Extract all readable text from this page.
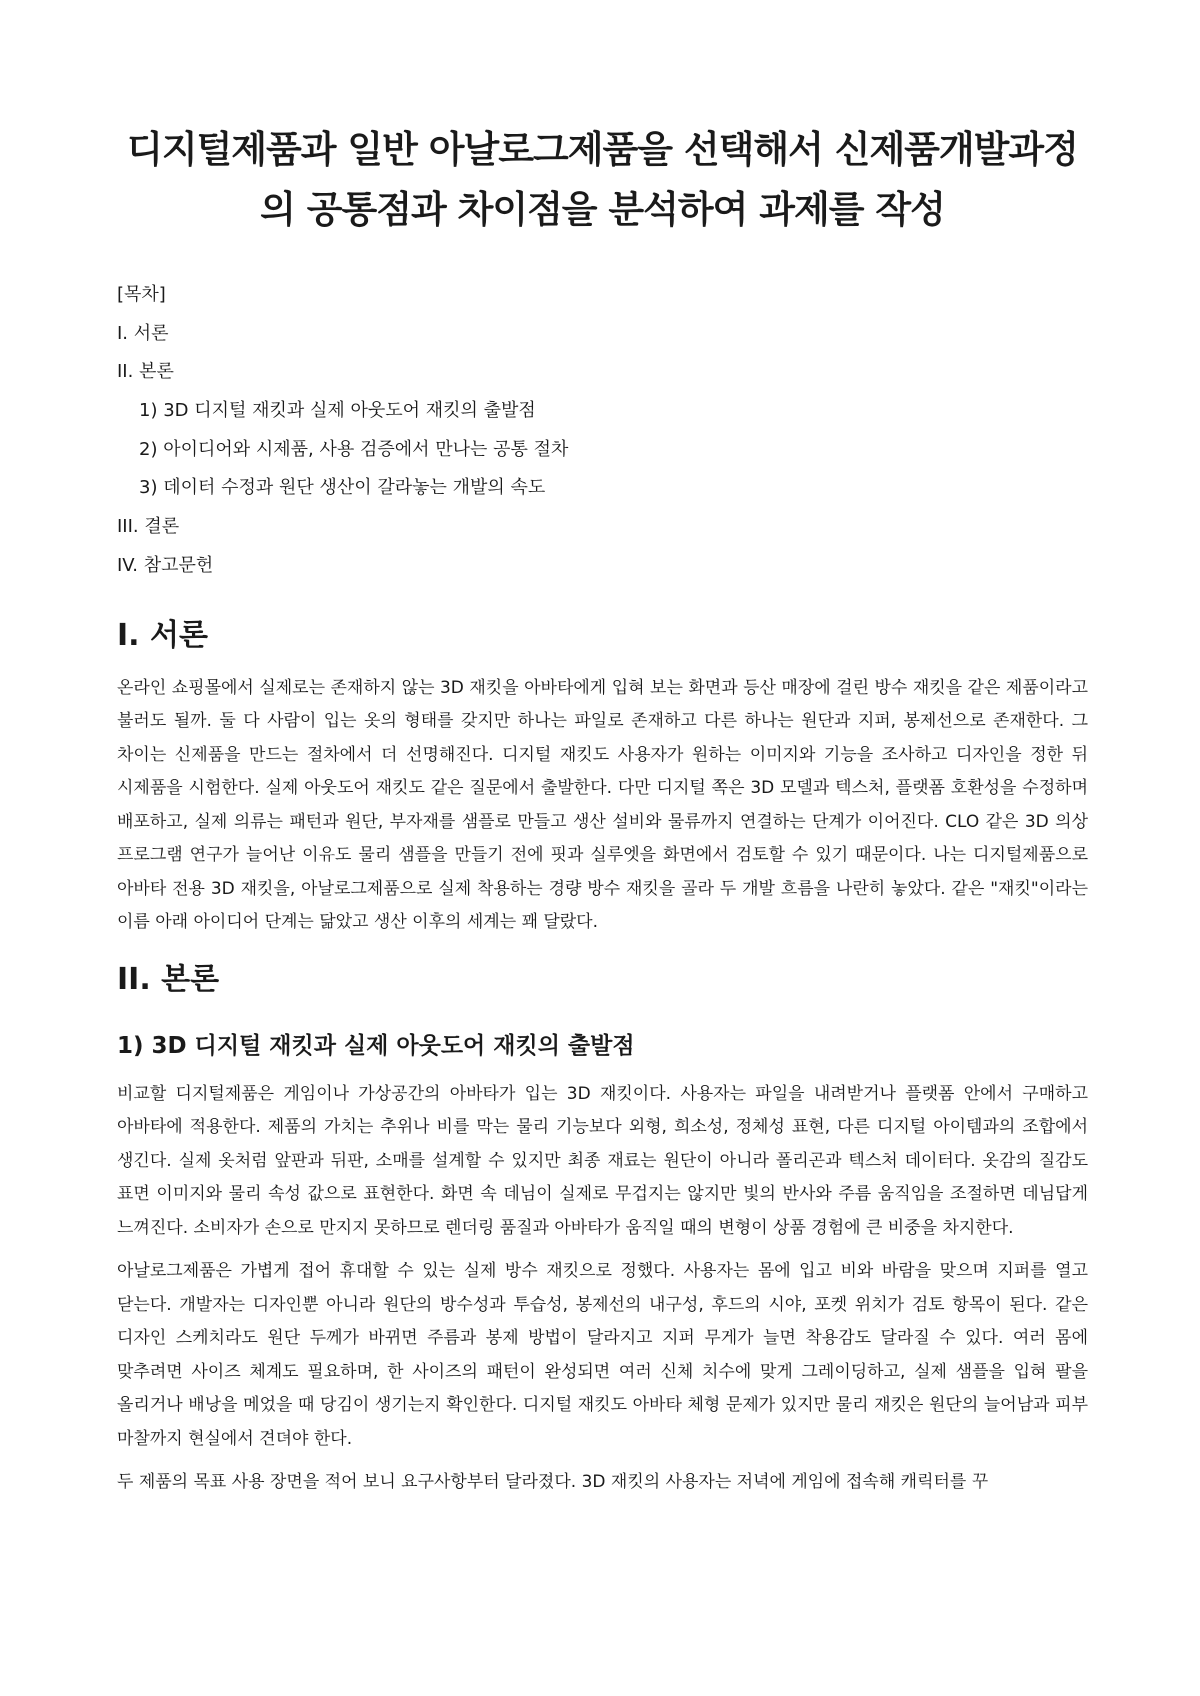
디지털제품과 일반 아날로그제품을 선택해서 신제품개발과정의 공통점과 차이점을 분석하여 과제를 작성
[목차]
I. 서론
II. 본론
1) 3D 디지털 재킷과 실제 아웃도어 재킷의 출발점
2) 아이디어와 시제품, 사용 검증에서 만나는 공통 절차
3) 데이터 수정과 원단 생산이 갈라놓는 개발의 속도
III. 결론
IV. 참고문헌
I. 서론

온라인 쇼핑몰에서 실제로는 존재하지 않는 3D 재킷을 아바타에게 입혀 보는 화면과 등산 매장에 걸린 방수 재킷을 같은 제품이라고 불러도 될까. 둘 다 사람이 입는 옷의 형태를 갖지만 하나는 파일로 존재하고 다른 하나는 원단과 지퍼, 봉제선으로 존재한다. 그 차이는 신제품을 만드는 절차에서 더 선명해진다. 디지털 재킷도 사용자가 원하는 이미지와 기능을 조사하고 디자인을 정한 뒤 시제품을 시험한다. 실제 아웃도어 재킷도 같은 질문에서 출발한다. 다만 디지털 쪽은 3D 모델과 텍스처, 플랫폼 호환성을 수정하며 배포하고, 실제 의류는 패턴과 원단, 부자재를 샘플로 만들고 생산 설비와 물류까지 연결하는 단계가 이어진다. CLO 같은 3D 의상 프로그램 연구가 늘어난 이유도 물리 샘플을 만들기 전에 핏과 실루엣을 화면에서 검토할 수 있기 때문이다. 나는 디지털제품으로 아바타 전용 3D 재킷을, 아날로그제품으로 실제 착용하는 경량 방수 재킷을 골라 두 개발 흐름을 나란히 놓았다. 같은 "재킷"이라는 이름 아래 아이디어 단계는 닮았고 생산 이후의 세계는 꽤 달랐다.

II. 본론
1) 3D 디지털 재킷과 실제 아웃도어 재킷의 출발점

비교할 디지털제품은 게임이나 가상공간의 아바타가 입는 3D 재킷이다. 사용자는 파일을 내려받거나 플랫폼 안에서 구매하고 아바타에 적용한다. 제품의 가치는 추위나 비를 막는 물리 기능보다 외형, 희소성, 정체성 표현, 다른 디지털 아이템과의 조합에서 생긴다. 실제 옷처럼 앞판과 뒤판, 소매를 설계할 수 있지만 최종 재료는 원단이 아니라 폴리곤과 텍스처 데이터다. 옷감의 질감도 표면 이미지와 물리 속성 값으로 표현한다. 화면 속 데님이 실제로 무겁지는 않지만 빛의 반사와 주름 움직임을 조절하면 데님답게 느껴진다. 소비자가 손으로 만지지 못하므로 렌더링 품질과 아바타가 움직일 때의 변형이 상품 경험에 큰 비중을 차지한다.

아날로그제품은 가볍게 접어 휴대할 수 있는 실제 방수 재킷으로 정했다. 사용자는 몸에 입고 비와 바람을 맞으며 지퍼를 열고 닫는다. 개발자는 디자인뿐 아니라 원단의 방수성과 투습성, 봉제선의 내구성, 후드의 시야, 포켓 위치가 검토 항목이 된다. 같은 디자인 스케치라도 원단 두께가 바뀌면 주름과 봉제 방법이 달라지고 지퍼 무게가 늘면 착용감도 달라질 수 있다. 여러 몸에 맞추려면 사이즈 체계도 필요하며, 한 사이즈의 패턴이 완성되면 여러 신체 치수에 맞게 그레이딩하고, 실제 샘플을 입혀 팔을 올리거나 배낭을 메었을 때 당김이 생기는지 확인한다. 디지털 재킷도 아바타 체형 문제가 있지만 물리 재킷은 원단의 늘어남과 피부 마찰까지 현실에서 견뎌야 한다.

두 제품의 목표 사용 장면을 적어 보니 요구사항부터 달라졌다. 3D 재킷의 사용자는 저녁에 게임에 접속해 캐릭터를 꾸
